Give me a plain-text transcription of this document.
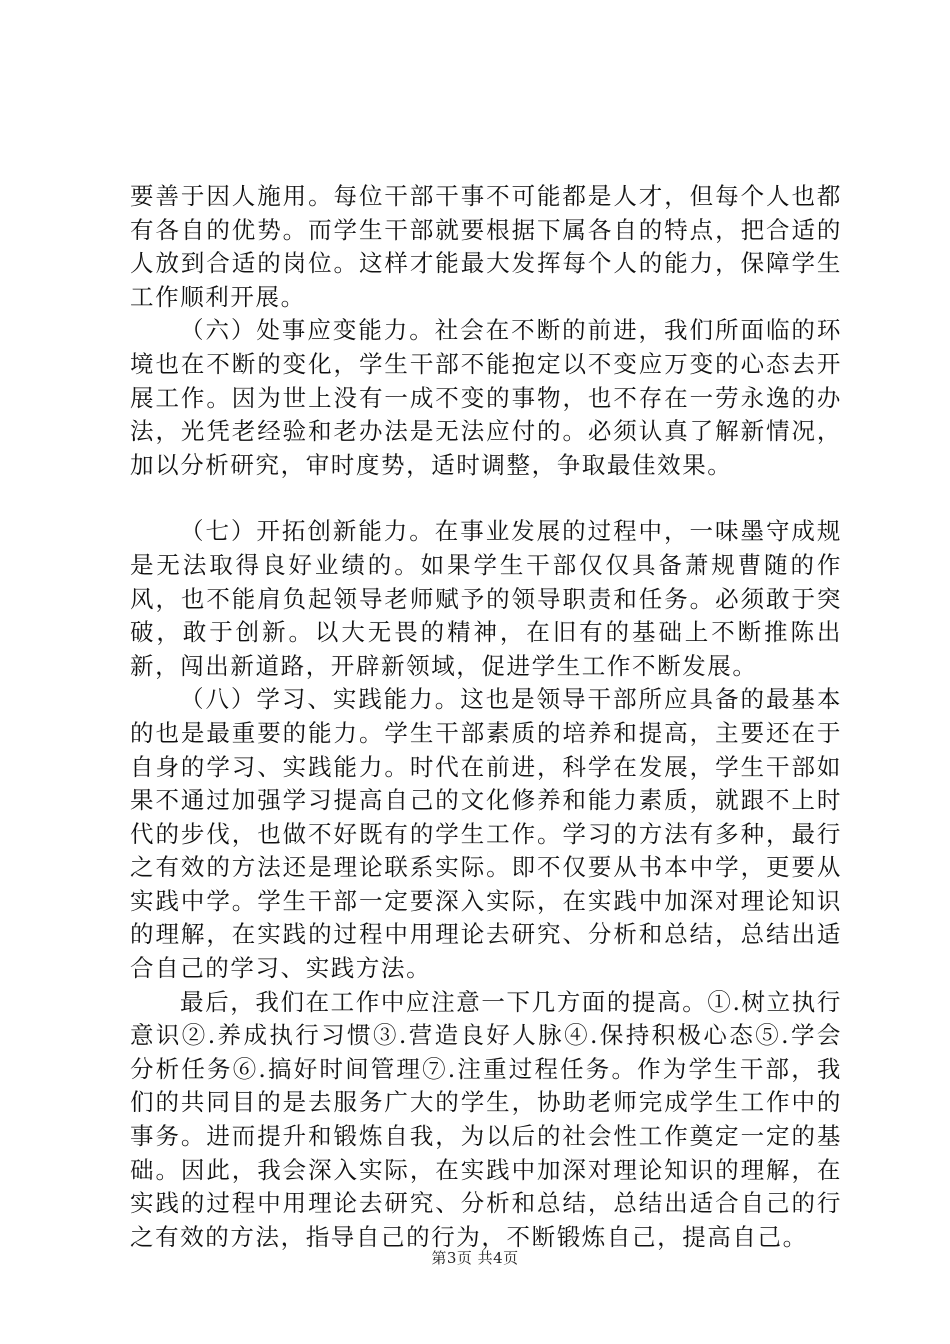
要善于因人施用。每位干部干事不可能都是人才，但每个人也都有各自的优势。而学生干部就要根据下属各自的特点，把合适的人放到合适的岗位。这样才能最大发挥每个人的能力，保障学生工作顺利开展。

（六）处事应变能力。社会在不断的前进，我们所面临的环境也在不断的变化，学生干部不能抱定以不变应万变的心态去开展工作。因为世上没有一成不变的事物，也不存在一劳永逸的办法，光凭老经验和老办法是无法应付的。必须认真了解新情况，加以分析研究，审时度势，适时调整，争取最佳效果。

（七）开拓创新能力。在事业发展的过程中，一味墨守成规是无法取得良好业绩的。如果学生干部仅仅具备萧规曹随的作风，也不能肩负起领导老师赋予的领导职责和任务。必须敢于突破，敢于创新。以大无畏的精神，在旧有的基础上不断推陈出新，闯出新道路，开辟新领域，促进学生工作不断发展。

（八）学习、实践能力。这也是领导干部所应具备的最基本的也是最重要的能力。学生干部素质的培养和提高，主要还在于自身的学习、实践能力。时代在前进，科学在发展，学生干部如果不通过加强学习提高自己的文化修养和能力素质，就跟不上时代的步伐，也做不好既有的学生工作。学习的方法有多种，最行之有效的方法还是理论联系实际。即不仅要从书本中学，更要从实践中学。学生干部一定要深入实际，在实践中加深对理论知识的理解，在实践的过程中用理论去研究、分析和总结，总结出适合自己的学习、实践方法。

最后，我们在工作中应注意一下几方面的提高。①.树立执行意识②.养成执行习惯③.营造良好人脉④.保持积极心态⑤.学会分析任务⑥.搞好时间管理⑦.注重过程任务。作为学生干部，我们的共同目的是去服务广大的学生，协助老师完成学生工作中的事务。进而提升和锻炼自我，为以后的社会性工作奠定一定的基础。因此，我会深入实际，在实践中加深对理论知识的理解，在实践的过程中用理论去研究、分析和总结，总结出适合自己的行之有效的方法，指导自己的行为，不断锻炼自己，提高自己。

第3页 共4页
